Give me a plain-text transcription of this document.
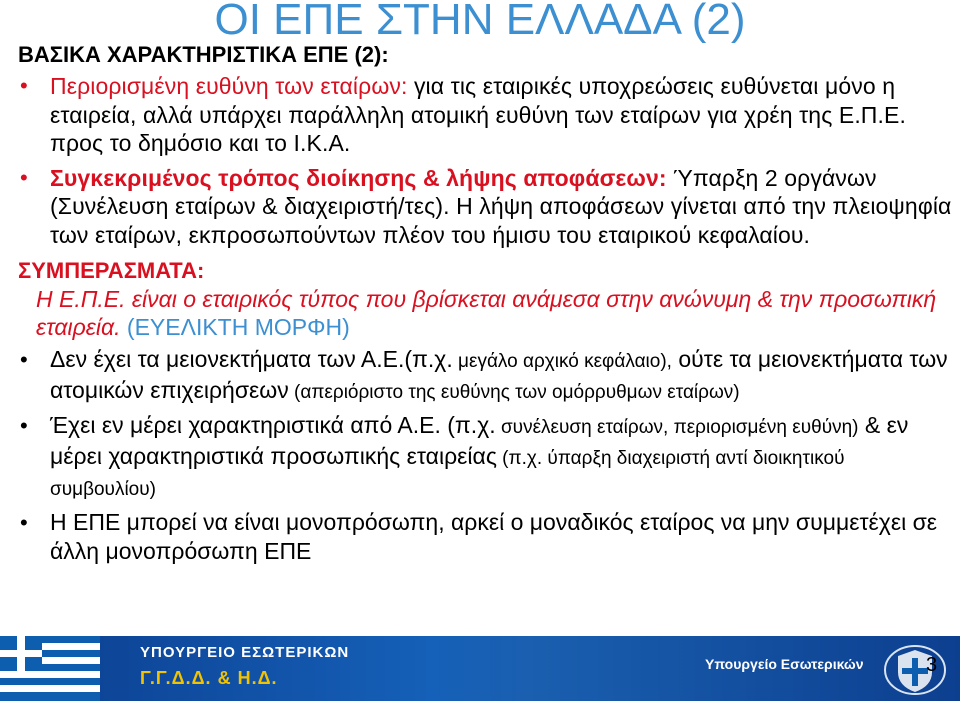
ΟΙ ΕΠΕ ΣΤΗΝ ΕΛΛΑΔΑ (2)
ΒΑΣΙΚΑ ΧΑΡΑΚΤΗΡΙΣΤΙΚΑ ΕΠΕ (2):
• Περιορισμένη ευθύνη των εταίρων: για τις εταιρικές υποχρεώσεις ευθύνεται μόνο η εταιρεία, αλλά υπάρχει παράλληλη ατομική ευθύνη των εταίρων για χρέη της Ε.Π.Ε. προς το δημόσιο και το Ι.Κ.Α.
• Συγκεκριμένος τρόπος διοίκησης & λήψης αποφάσεων: Ύπαρξη 2 οργάνων (Συνέλευση εταίρων & διαχειριστή/τες). Η λήψη αποφάσεων γίνεται από την πλειοψηφία των εταίρων, εκπροσωπούντων πλέον του ήμισυ του εταιρικού κεφαλαίου.
ΣΥΜΠΕΡΑΣΜΑΤΑ:
Η Ε.Π.Ε. είναι ο εταιρικός τύπος που βρίσκεται ανάμεσα στην ανώνυμη & την προσωπική εταιρεία. (ΕΥΕΛΙΚΤΗ ΜΟΡΦΗ)
• Δεν έχει τα μειονεκτήματα των Α.Ε.(π.χ. μεγάλο αρχικό κεφάλαιο), ούτε τα μειονεκτήματα των ατομικών επιχειρήσεων (απεριόριστο της ευθύνης των ομόρρυθμων εταίρων)
• Έχει εν μέρει χαρακτηριστικά από Α.Ε. (π.χ. συνέλευση εταίρων, περιορισμένη ευθύνη) & εν μέρει χαρακτηριστικά προσωπικής εταιρείας (π.χ. ύπαρξη διαχειριστή αντί διοικητικού συμβουλίου)
• Η ΕΠΕ μπορεί να είναι μονοπρόσωπη, αρκεί ο μοναδικός εταίρος να μην συμμετέχει σε άλλη μονοπρόσωπη ΕΠΕ
ΥΠΟΥΡΓΕΙΟ ΕΣΩΤΕΡΙΚΩΝ
Γ.Γ.Δ.Δ. & Η.Δ.
Υπουργείο Εσωτερικών	3
